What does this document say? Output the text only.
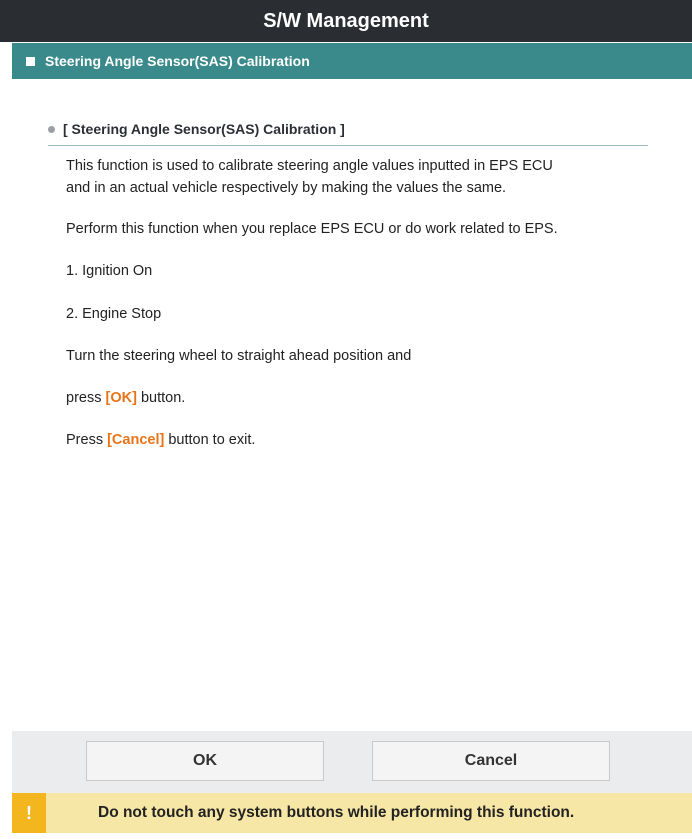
S/W Management
Steering Angle Sensor(SAS) Calibration
[ Steering Angle Sensor(SAS) Calibration ]
This function is used to calibrate steering angle values inputted in EPS ECU
and in an actual vehicle respectively by making the values the same.
Perform this function when you replace EPS ECU or do work related to EPS.
1. Ignition On
2. Engine Stop
Turn the steering wheel to straight ahead position and
press [OK] button.
Press [Cancel] button to exit.
OK	Cancel
!	Do not touch any system buttons while performing this function.
